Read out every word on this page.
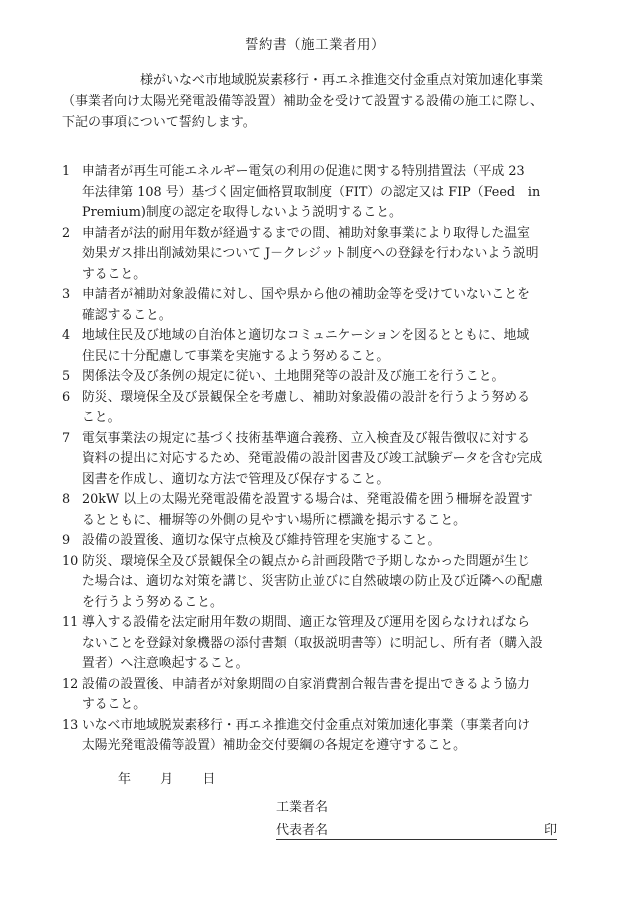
誓約書（施工業者用）
様がいなべ市地域脱炭素移行・再エネ推進交付金重点対策加速化事業
（事業者向け太陽光発電設備等設置）補助金を受けて設置する設備の施工に際し、
下記の事項について誓約します。
1 申請者が再生可能エネルギー電気の利用の促進に関する特別措置法（平成 23
年法律第 108 号）基づく固定価格買取制度（FIT）の認定又は FIP（Feed　in
Premium)制度の認定を取得しないよう説明すること。
2 申請者が法的耐用年数が経過するまでの間、補助対象事業により取得した温室
効果ガス排出削減効果について J－クレジット制度への登録を行わないよう説明
すること。
3 申請者が補助対象設備に対し、国や県から他の補助金等を受けていないことを
確認すること。
4 地域住民及び地域の自治体と適切なコミュニケーションを図るとともに、地域
住民に十分配慮して事業を実施するよう努めること。
5 関係法令及び条例の規定に従い、土地開発等の設計及び施工を行うこと。
6 防災、環境保全及び景観保全を考慮し、補助対象設備の設計を行うよう努める
こと。
7 電気事業法の規定に基づく技術基準適合義務、立入検査及び報告徴収に対する
資料の提出に対応するため、発電設備の設計図書及び竣工試験データを含む完成
図書を作成し、適切な方法で管理及び保存すること。
8 20kW 以上の太陽光発電設備を設置する場合は、発電設備を囲う柵塀を設置す
るとともに、柵塀等の外側の見やすい場所に標識を掲示すること。
9 設備の設置後、適切な保守点検及び維持管理を実施すること。
10 防災、環境保全及び景観保全の観点から計画段階で予期しなかった問題が生じ
た場合は、適切な対策を講じ、災害防止並びに自然破壊の防止及び近隣への配慮
を行うよう努めること。
11 導入する設備を法定耐用年数の期間、適正な管理及び運用を図らなければなら
ないことを登録対象機器の添付書類（取扱説明書等）に明記し、所有者（購入設
置者）へ注意喚起すること。
12 設備の設置後、申請者が対象期間の自家消費割合報告書を提出できるよう協力
すること。
13 いなべ市地域脱炭素移行・再エネ推進交付金重点対策加速化事業（事業者向け
太陽光発電設備等設置）補助金交付要綱の各規定を遵守すること。
年 月 日
工業者名
代表者名	印
